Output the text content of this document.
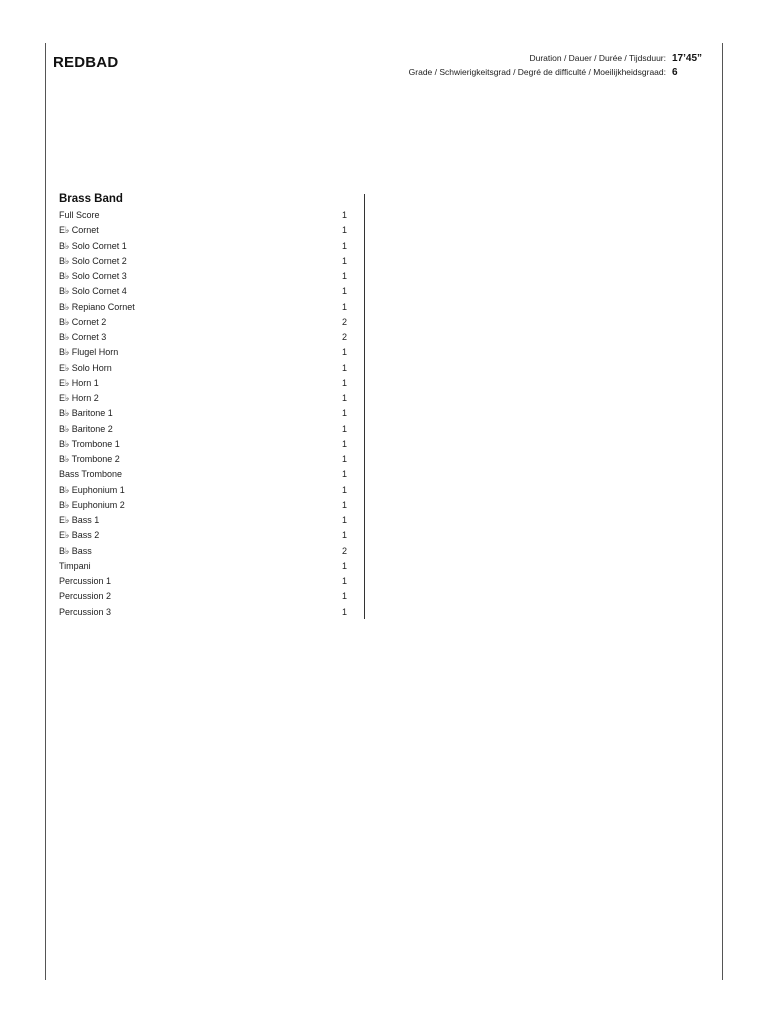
REDBAD	Duration / Dauer / Durée / Tijdsduur: 17’45”
Grade / Schwierigkeitsgrad / Degré de difficulté / Moeilijkheidsgraad: 6
Brass Band
Full Score	1
E♭ Cornet	1
B♭ Solo Cornet 1	1
B♭ Solo Cornet 2	1
B♭ Solo Cornet 3	1
B♭ Solo Cornet 4	1
B♭ Repiano Cornet	1
B♭ Cornet 2	2
B♭ Cornet 3	2
B♭ Flugel Horn	1
E♭ Solo Horn	1
E♭ Horn 1	1
E♭ Horn 2	1
B♭ Baritone 1	1
B♭ Baritone 2	1
B♭ Trombone 1	1
B♭ Trombone 2	1
Bass Trombone	1
B♭ Euphonium 1	1
B♭ Euphonium 2	1
E♭ Bass 1	1
E♭ Bass 2	1
B♭ Bass	2
Timpani	1
Percussion 1	1
Percussion 2	1
Percussion 3	1
